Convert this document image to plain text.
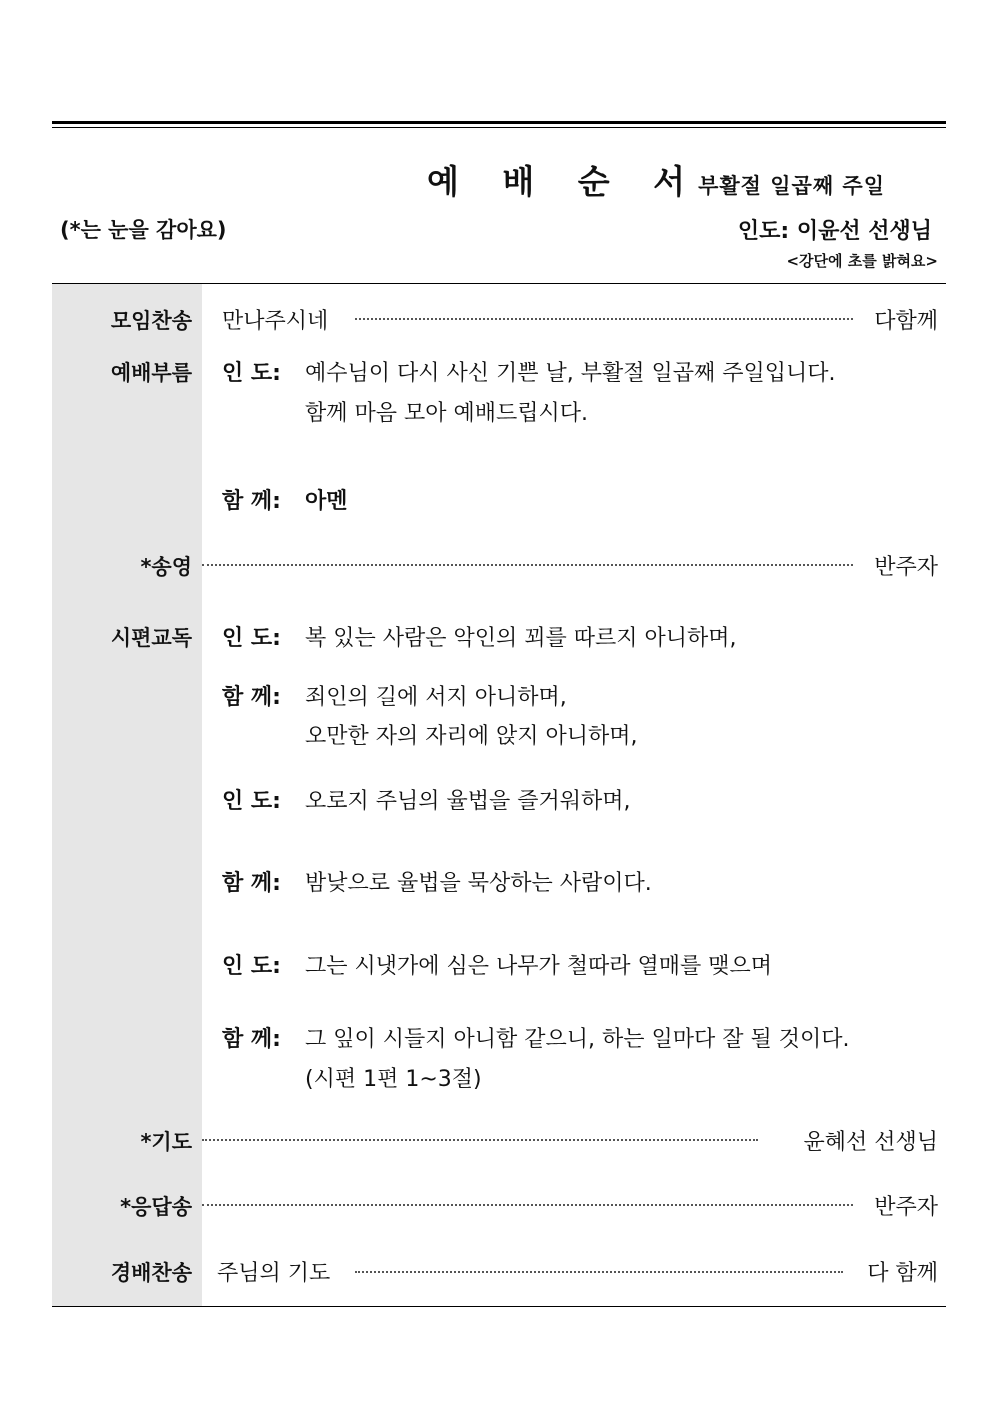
예 배 순 서 부활절 일곱째 주일
(*는 눈을 감아요)	인도: 이윤선 선생님
<강단에 초를 밝혀요>
모임찬송 만나주시네	다함께
예배부름 인 도: 예수님이 다시 사신 기쁜 날, 부활절 일곱째 주일입니다.
함께 마음 모아 예배드립시다.
함 께: 아멘
*송영	반주자
시편교독 인 도: 복 있는 사람은 악인의 꾀를 따르지 아니하며,
함 께: 죄인의 길에 서지 아니하며,
오만한 자의 자리에 앉지 아니하며,
인 도: 오로지 주님의 율법을 즐거워하며,
함 께: 밤낮으로 율법을 묵상하는 사람이다.
인 도: 그는 시냇가에 심은 나무가 철따라 열매를 맺으며
함 께: 그 잎이 시들지 아니함 같으니, 하는 일마다 잘 될 것이다.
(시편 1편 1~3절)
*기도	윤혜선 선생님
*응답송	반주자
경배찬송 주님의 기도	다 함께
